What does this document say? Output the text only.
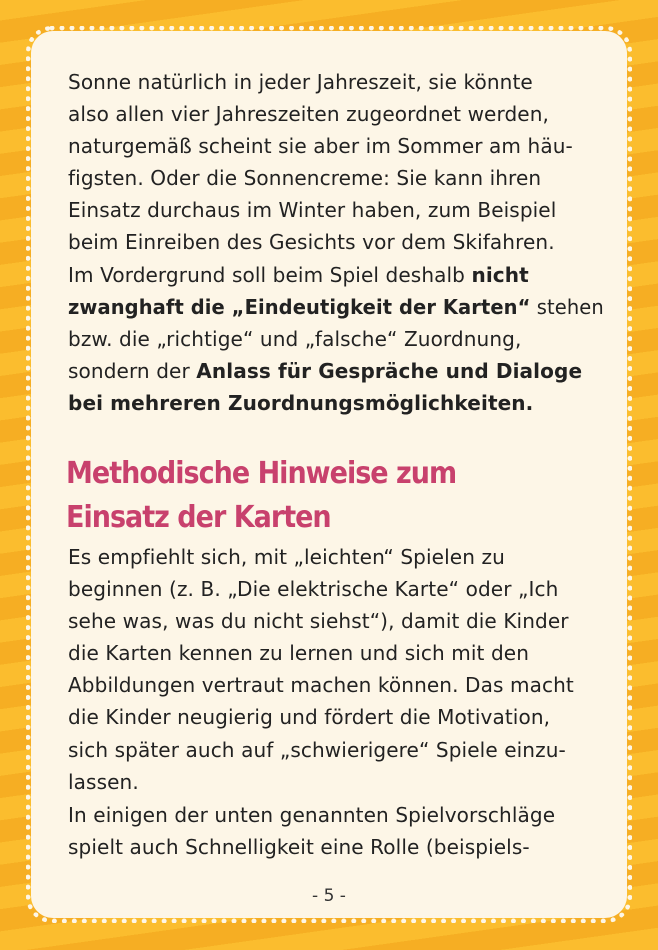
Sonne natürlich in jeder Jahreszeit, sie könnte
also allen vier Jahreszeiten zugeordnet werden,
naturgemäß scheint sie aber im Sommer am häu-
figsten. Oder die Sonnencreme: Sie kann ihren
Einsatz durchaus im Winter haben, zum Beispiel
beim Einreiben des Gesichts vor dem Skifahren.
Im Vordergrund soll beim Spiel deshalb nicht
zwanghaft die „Eindeutigkeit der Karten“ stehen
bzw. die „richtige“ und „falsche“ Zuordnung,
sondern der Anlass für Gespräche und Dialoge
bei mehreren Zuordnungsmöglichkeiten.
Methodische Hinweise zum
Einsatz der Karten
Es empfiehlt sich, mit „leichten“ Spielen zu
beginnen (z. B. „Die elektrische Karte“ oder „Ich
sehe was, was du nicht siehst“), damit die Kinder
die Karten kennen zu lernen und sich mit den
Abbildungen vertraut machen können. Das macht
die Kinder neugierig und fördert die Motivation,
sich später auch auf „schwierigere“ Spiele einzu-
lassen.
In einigen der unten genannten Spielvorschläge
spielt auch Schnelligkeit eine Rolle (beispiels-
- 5 -
